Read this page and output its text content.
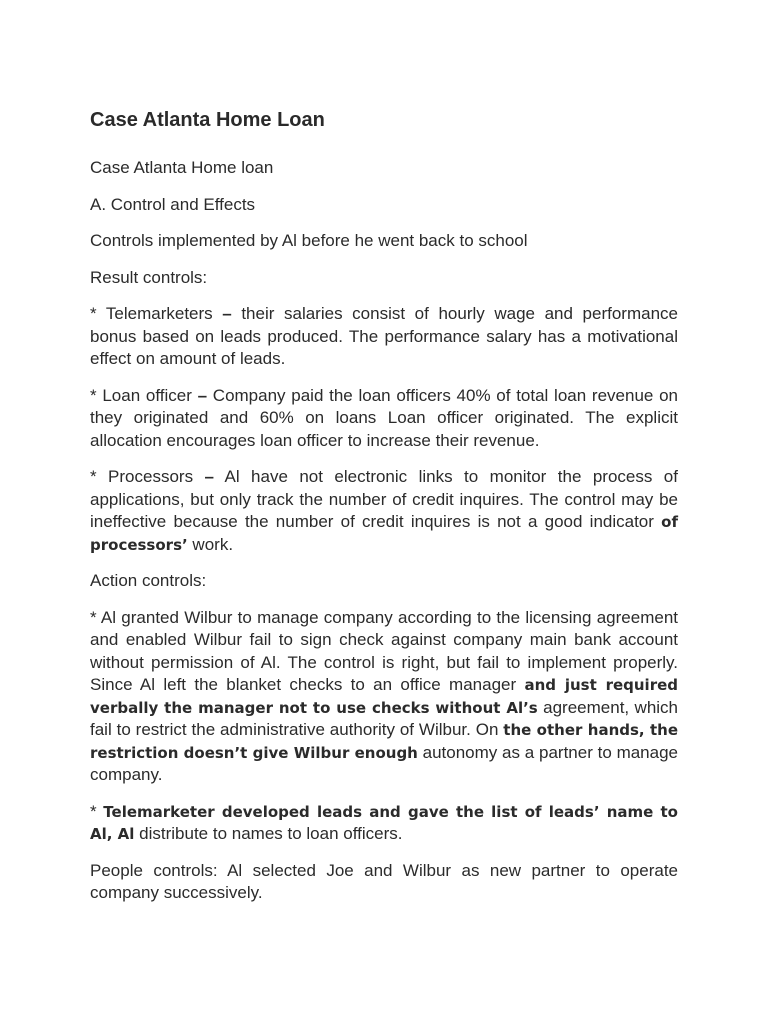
Case Atlanta Home Loan

Case Atlanta Home loan

A. Control and Effects

Controls implemented by Al before he went back to school

Result controls:

* Telemarketers – their salaries consist of hourly wage and performance bonus based on leads produced. The performance salary has a motivational effect on amount of leads.

* Loan officer – Company paid the loan officers 40% of total loan revenue on they originated and 60% on loans Loan officer originated. The explicit allocation encourages loan officer to increase their revenue.

* Processors – Al have not electronic links to monitor the process of applications, but only track the number of credit inquires. The control may be ineffective because the number of credit inquires is not a good indicator of processors’ work.

Action controls:

* Al granted Wilbur to manage company according to the licensing agreement and enabled Wilbur fail to sign check against company main bank account without permission of Al. The control is right, but fail to implement properly. Since Al left the blanket checks to an office manager and just required verbally the manager not to use checks without Al’s agreement, which fail to restrict the administrative authority of Wilbur. On the other hands, the restriction doesn’t give Wilbur enough autonomy as a partner to manage company.

* Telemarketer developed leads and gave the list of leads’ name to Al, Al distribute to names to loan officers.

People controls: Al selected Joe and Wilbur as new partner to operate company successively.
